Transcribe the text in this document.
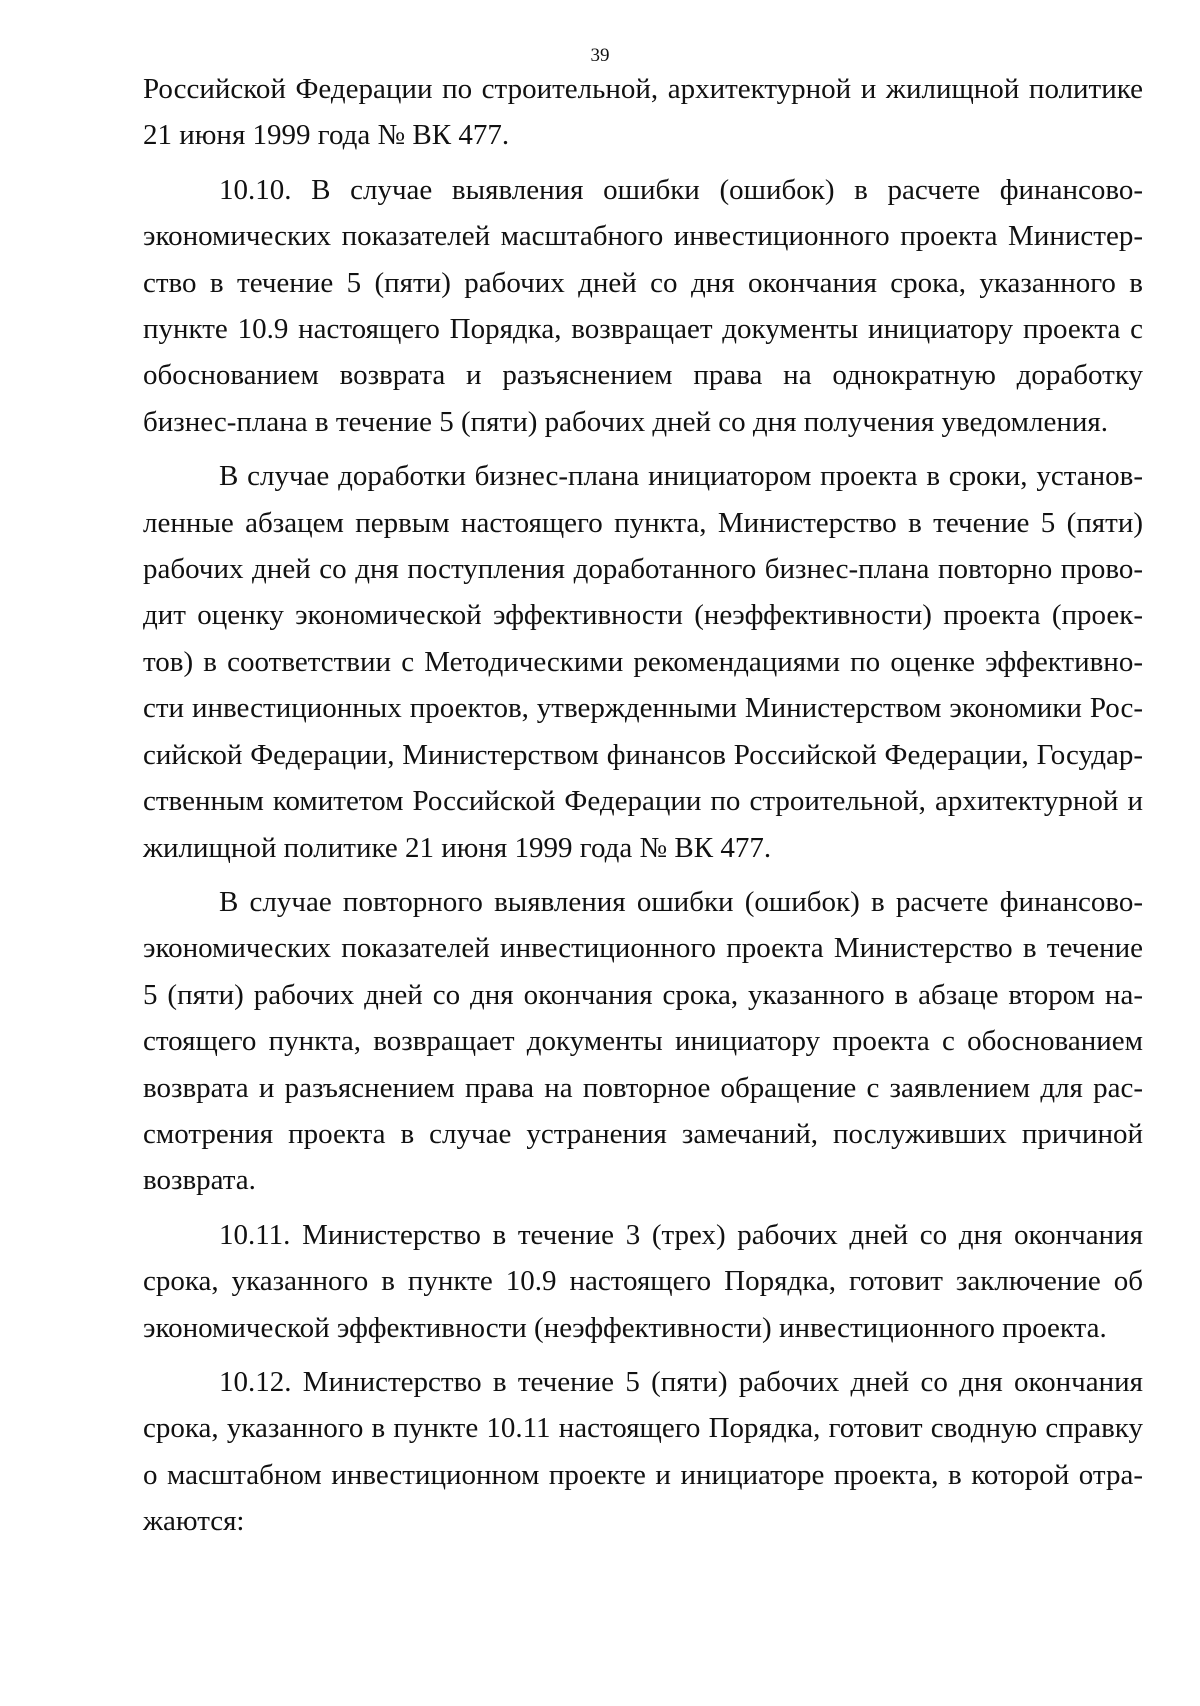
39

Российской Федерации по строительной, архитектурной и жилищной политике 21 июня 1999 года № ВК 477.

10.10. В случае выявления ошибки (ошибок) в расчете финансово-экономических показателей масштабного инвестиционного проекта Министерство в течение 5 (пяти) рабочих дней со дня окончания срока, указанного в пункте 10.9 настоящего Порядка, возвращает документы инициатору проекта с обоснованием возврата и разъяснением права на однократную доработку бизнес-плана в течение 5 (пяти) рабочих дней со дня получения уведомления.

В случае доработки бизнес-плана инициатором проекта в сроки, установленные абзацем первым настоящего пункта, Министерство в течение 5 (пяти) рабочих дней со дня поступления доработанного бизнес-плана повторно проводит оценку экономической эффективности (неэффективности) проекта (проектов) в соответствии с Методическими рекомендациями по оценке эффективности инвестиционных проектов, утвержденными Министерством экономики Российской Федерации, Министерством финансов Российской Федерации, Государственным комитетом Российской Федерации по строительной, архитектурной и жилищной политике 21 июня 1999 года № ВК 477.

В случае повторного выявления ошибки (ошибок) в расчете финансово-экономических показателей инвестиционного проекта Министерство в течение 5 (пяти) рабочих дней со дня окончания срока, указанного в абзаце втором настоящего пункта, возвращает документы инициатору проекта с обоснованием возврата и разъяснением права на повторное обращение с заявлением для рассмотрения проекта в случае устранения замечаний, послуживших причиной возврата.

10.11. Министерство в течение 3 (трех) рабочих дней со дня окончания срока, указанного в пункте 10.9 настоящего Порядка, готовит заключение об экономической эффективности (неэффективности) инвестиционного проекта.

10.12. Министерство в течение 5 (пяти) рабочих дней со дня окончания срока, указанного в пункте 10.11 настоящего Порядка, готовит сводную справку о масштабном инвестиционном проекте и инициаторе проекта, в которой отражаются:
